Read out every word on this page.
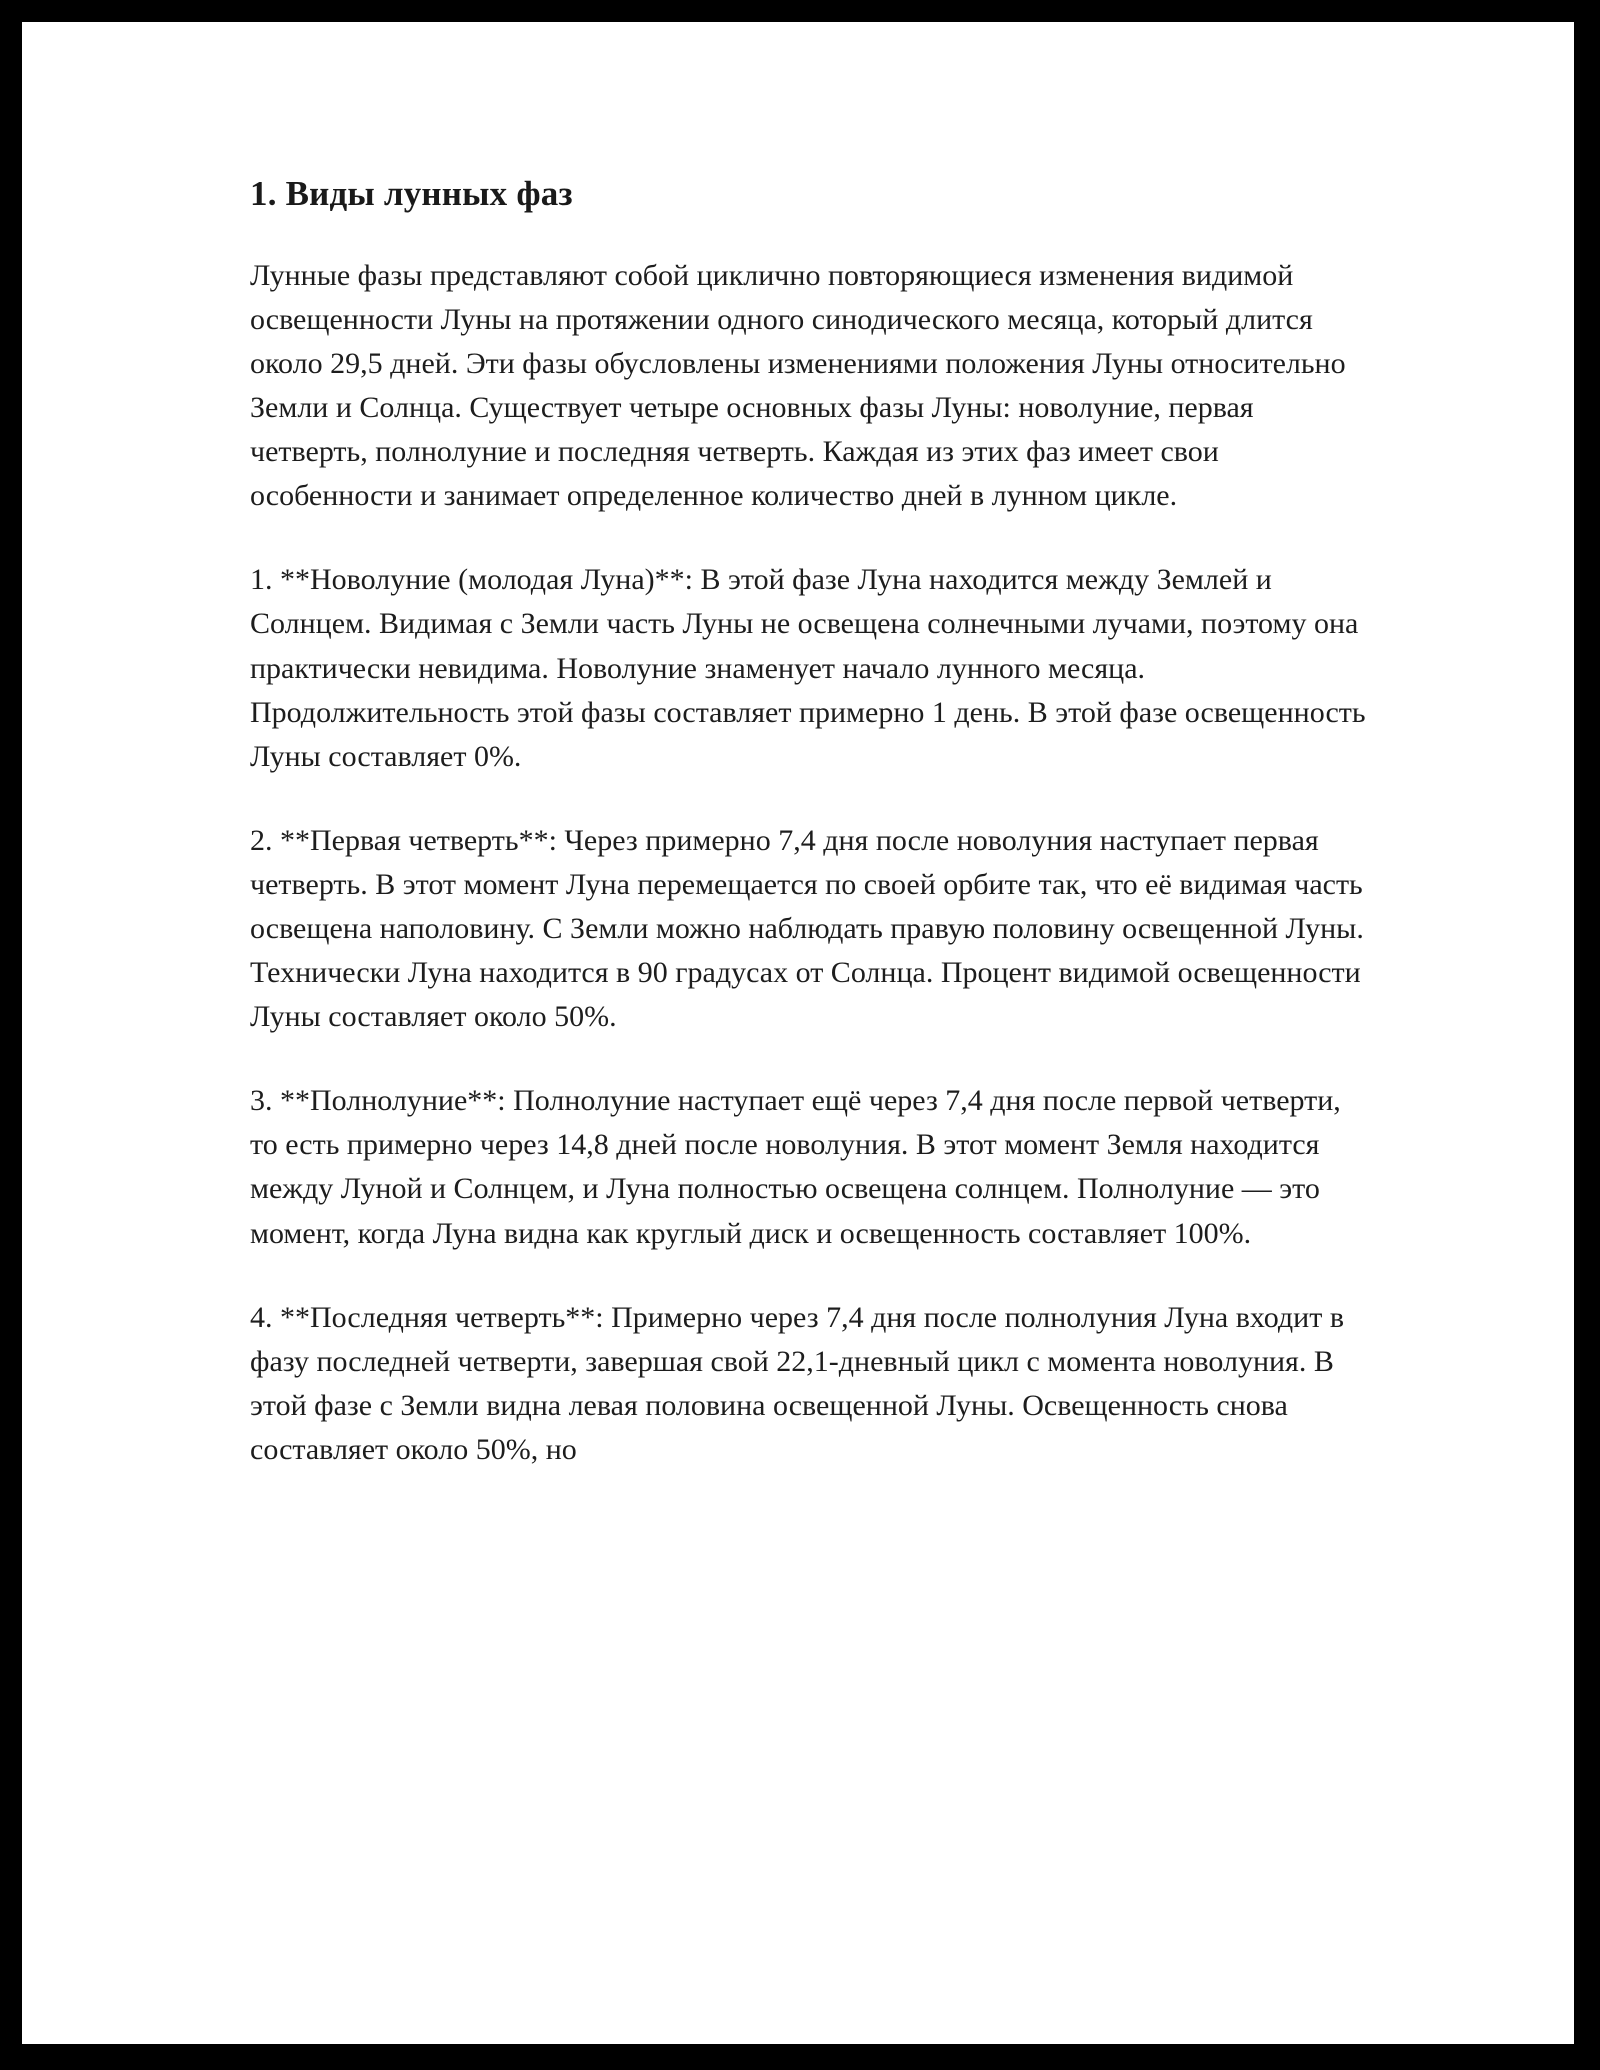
1. Виды лунных фаз

Лунные фазы представляют собой циклично повторяющиеся изменения видимой освещенности Луны на протяжении одного синодического месяца, который длится около 29,5 дней. Эти фазы обусловлены изменениями положения Луны относительно Земли и Солнца. Существует четыре основных фазы Луны: новолуние, первая четверть, полнолуние и последняя четверть. Каждая из этих фаз имеет свои особенности и занимает определенное количество дней в лунном цикле.

1. **Новолуние (молодая Луна)**: В этой фазе Луна находится между Землей и Солнцем. Видимая с Земли часть Луны не освещена солнечными лучами, поэтому она практически невидима. Новолуние знаменует начало лунного месяца. Продолжительность этой фазы составляет примерно 1 день. В этой фазе освещенность Луны составляет 0%.

2. **Первая четверть**: Через примерно 7,4 дня после новолуния наступает первая четверть. В этот момент Луна перемещается по своей орбите так, что её видимая часть освещена наполовину. С Земли можно наблюдать правую половину освещенной Луны. Технически Луна находится в 90 градусах от Солнца. Процент видимой освещенности Луны составляет около 50%.

3. **Полнолуние**: Полнолуние наступает ещё через 7,4 дня после первой четверти, то есть примерно через 14,8 дней после новолуния. В этот момент Земля находится между Луной и Солнцем, и Луна полностью освещена солнцем. Полнолуние — это момент, когда Луна видна как круглый диск и освещенность составляет 100%.

4. **Последняя четверть**: Примерно через 7,4 дня после полнолуния Луна входит в фазу последней четверти, завершая свой 22,1-дневный цикл с момента новолуния. В этой фазе с Земли видна левая половина освещенной Луны. Освещенность снова составляет около 50%, но
